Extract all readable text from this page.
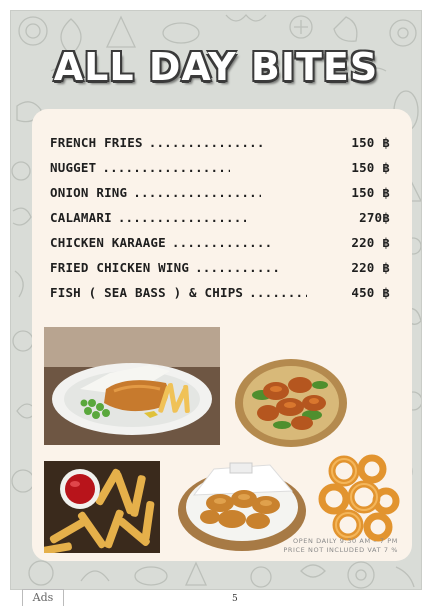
ALL DAY BITES
FRENCH FRIES .....	150 ฿
NUGGET .....	150 ฿
ONION RING .....	150 ฿
CALAMARI .....	270฿
CHICKEN KARAAGE .....	220 ฿
FRIED CHICKEN WING .....	220 ฿
FISH ( SEA BASS ) & CHIPS .....	450 ฿
OPEN DAILY 9:30 AM – 7 PM
PRICE NOT INCLUDED VAT 7 %
Ads	5
